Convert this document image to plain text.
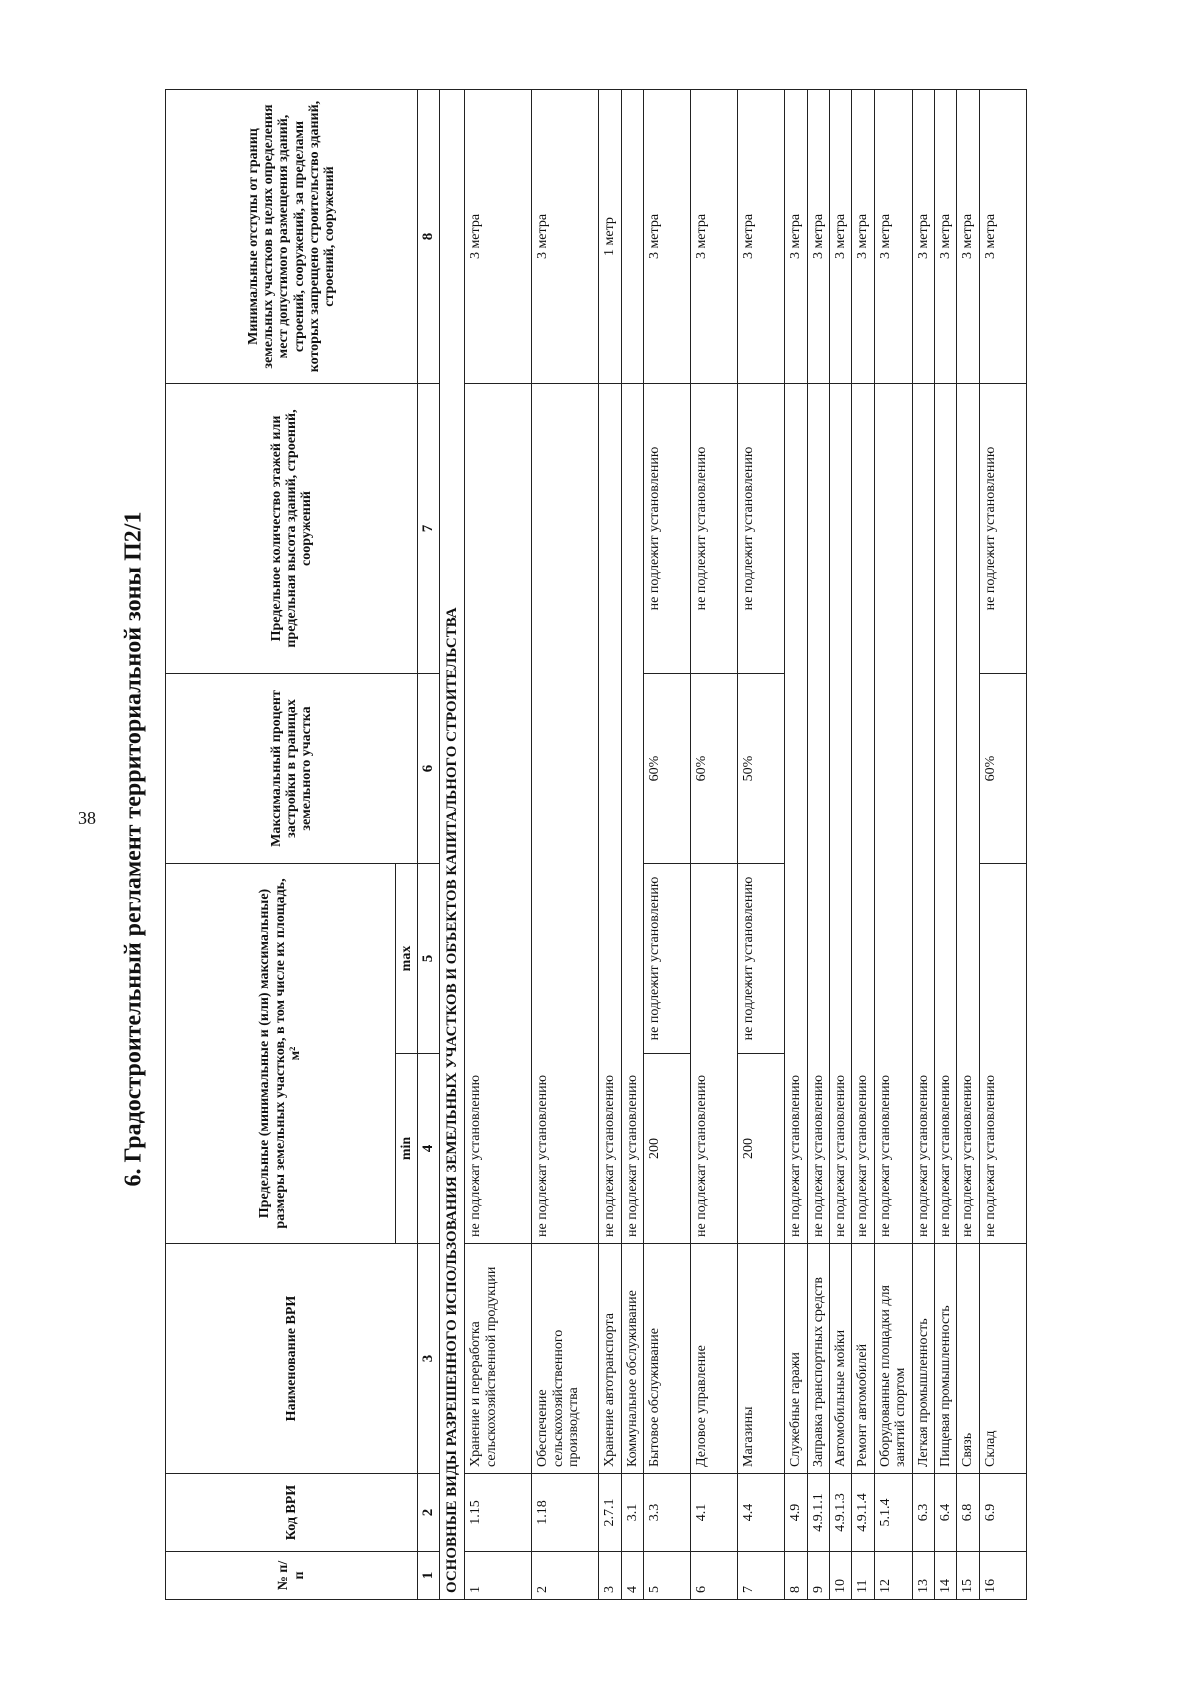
38 6. Градостроительный регламент территориальной зоны П2/1
№ п/п	Код ВРИ	Наименование ВРИ	Предельные (минимальные и (или) максимальные) размеры земельных участков, в том числе их площадь, м²		Максимальный процент застройки в границах земельного участка	Предельное количество этажей или предельная высота зданий, строений, сооружений	Минимальные отступы от границ земельных участков в целях определения мест допустимого размещения зданий, строений, сооружений, за пределами которых запрещено строительство зданий, строений, сооружений
			min	max			
1	2	3	4	5	6	7	8
ОСНОВНЫЕ ВИДЫ РАЗРЕШЕННОГО ИСПОЛЬЗОВАНИЯ ЗЕМЕЛЬНЫХ УЧАСТКОВ И ОБЪЕКТОВ КАПИТАЛЬНОГО СТРОИТЕЛЬСТВА							
1	1.15	Хранение и переработка сельскохозяйственной продукции	не подлежат установлению				3 метра
2	1.18	Обеспечение сельскохозяйственного производства	не подлежат установлению				3 метра
3	2.7.1	Хранение автотранспорта	не подлежат установлению				1 метр
4	3.1	Коммунальное обслуживание	не подлежат установлению				
5	3.3	Бытовое обслуживание	200	не подлежит установлению	60%	не подлежит установлению	3 метра
6	4.1	Деловое управление	не подлежат установлению		60%	не подлежит установлению	3 метра
7	4.4	Магазины	200	не подлежит установлению	50%	не подлежит установлению	3 метра
8	4.9	Служебные гаражи	не подлежат установлению				3 метра
9	4.9.1.1	Заправка транспортных средств	не подлежат установлению				3 метра
10	4.9.1.3	Автомобильные мойки	не подлежат установлению				3 метра
11	4.9.1.4	Ремонт автомобилей	не подлежат установлению				3 метра
12	5.1.4	Оборудованные площадки для занятий спортом	не подлежат установлению				3 метра
13	6.3	Легкая промышленность	не подлежат установлению				3 метра
14	6.4	Пищевая промышленность	не подлежат установлению				3 метра
15	6.8	Связь	не подлежат установлению				3 метра
16	6.9	Склад	не подлежат установлению		60%	не подлежит установлению	3 метра
